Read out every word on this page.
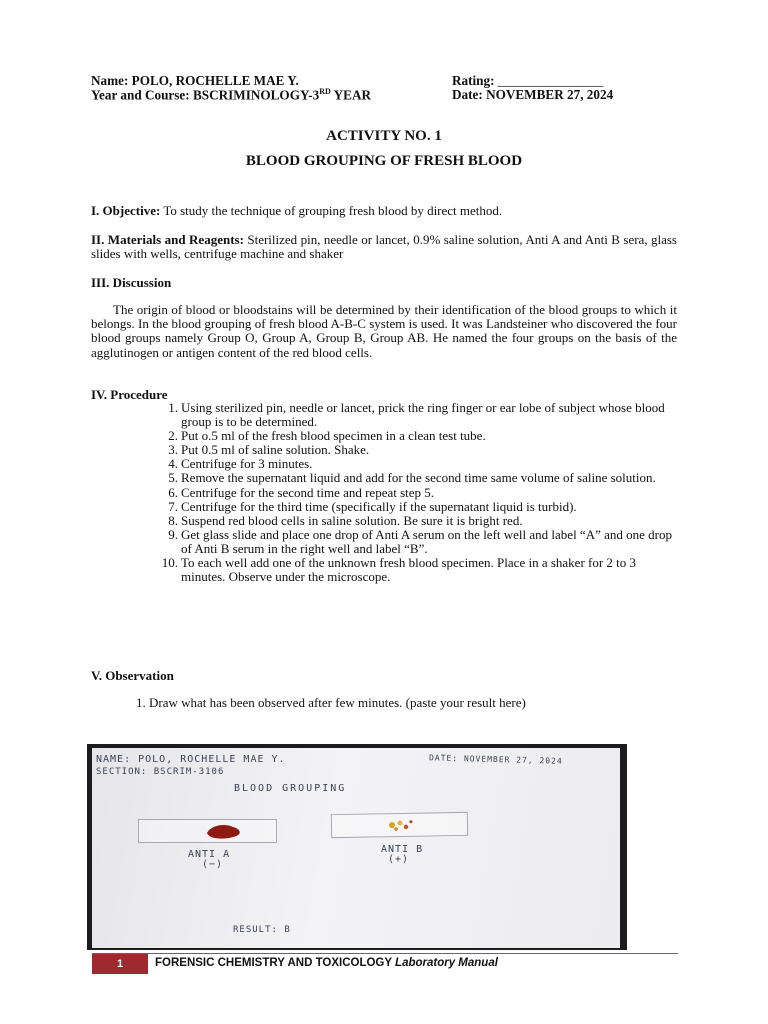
Name: POLO, ROCHELLE MAE Y.	Rating: ________________
Year and Course: BSCRIMINOLOGY-3RD YEAR	Date: NOVEMBER 27, 2024
ACTIVITY NO. 1
BLOOD GROUPING OF FRESH BLOOD
I. Objective: To study the technique of grouping fresh blood by direct method.
II. Materials and Reagents: Sterilized pin, needle or lancet, 0.9% saline solution, Anti A and Anti B sera, glass slides with wells, centrifuge machine and shaker
III. Discussion
The origin of blood or bloodstains will be determined by their identification of the blood groups to which it belongs. In the blood grouping of fresh blood A-B-C system is used. It was Landsteiner who discovered the four blood groups namely Group O, Group A, Group B, Group AB. He named the four groups on the basis of the agglutinogen or antigen content of the red blood cells.
IV. Procedure
1. Using sterilized pin, needle or lancet, prick the ring finger or ear lobe of subject whose blood group is to be determined.
2. Put o.5 ml of the fresh blood specimen in a clean test tube.
3. Put 0.5 ml of saline solution. Shake.
4. Centrifuge for 3 minutes.
5. Remove the supernatant liquid and add for the second time same volume of saline solution.
6. Centrifuge for the second time and repeat step 5.
7. Centrifuge for the third time (specifically if the supernatant liquid is turbid).
8. Suspend red blood cells in saline solution. Be sure it is bright red.
9. Get glass slide and place one drop of Anti A serum on the left well and label “A” and one drop of Anti B serum in the right well and label “B”.
10. To each well add one of the unknown fresh blood specimen. Place in a shaker for 2 to 3 minutes. Observe under the microscope.
V. Observation
1. Draw what has been observed after few minutes. (paste your result here)
NAME: POLO, ROCHELLE MAE Y.
SECTION: BSCRIM-3106
DATE: NOVEMBER 27, 2024
BLOOD GROUPING
ANTI A
(−)
ANTI B
(+)
RESULT: B
1	FORENSIC CHEMISTRY AND TOXICOLOGY Laboratory Manual
